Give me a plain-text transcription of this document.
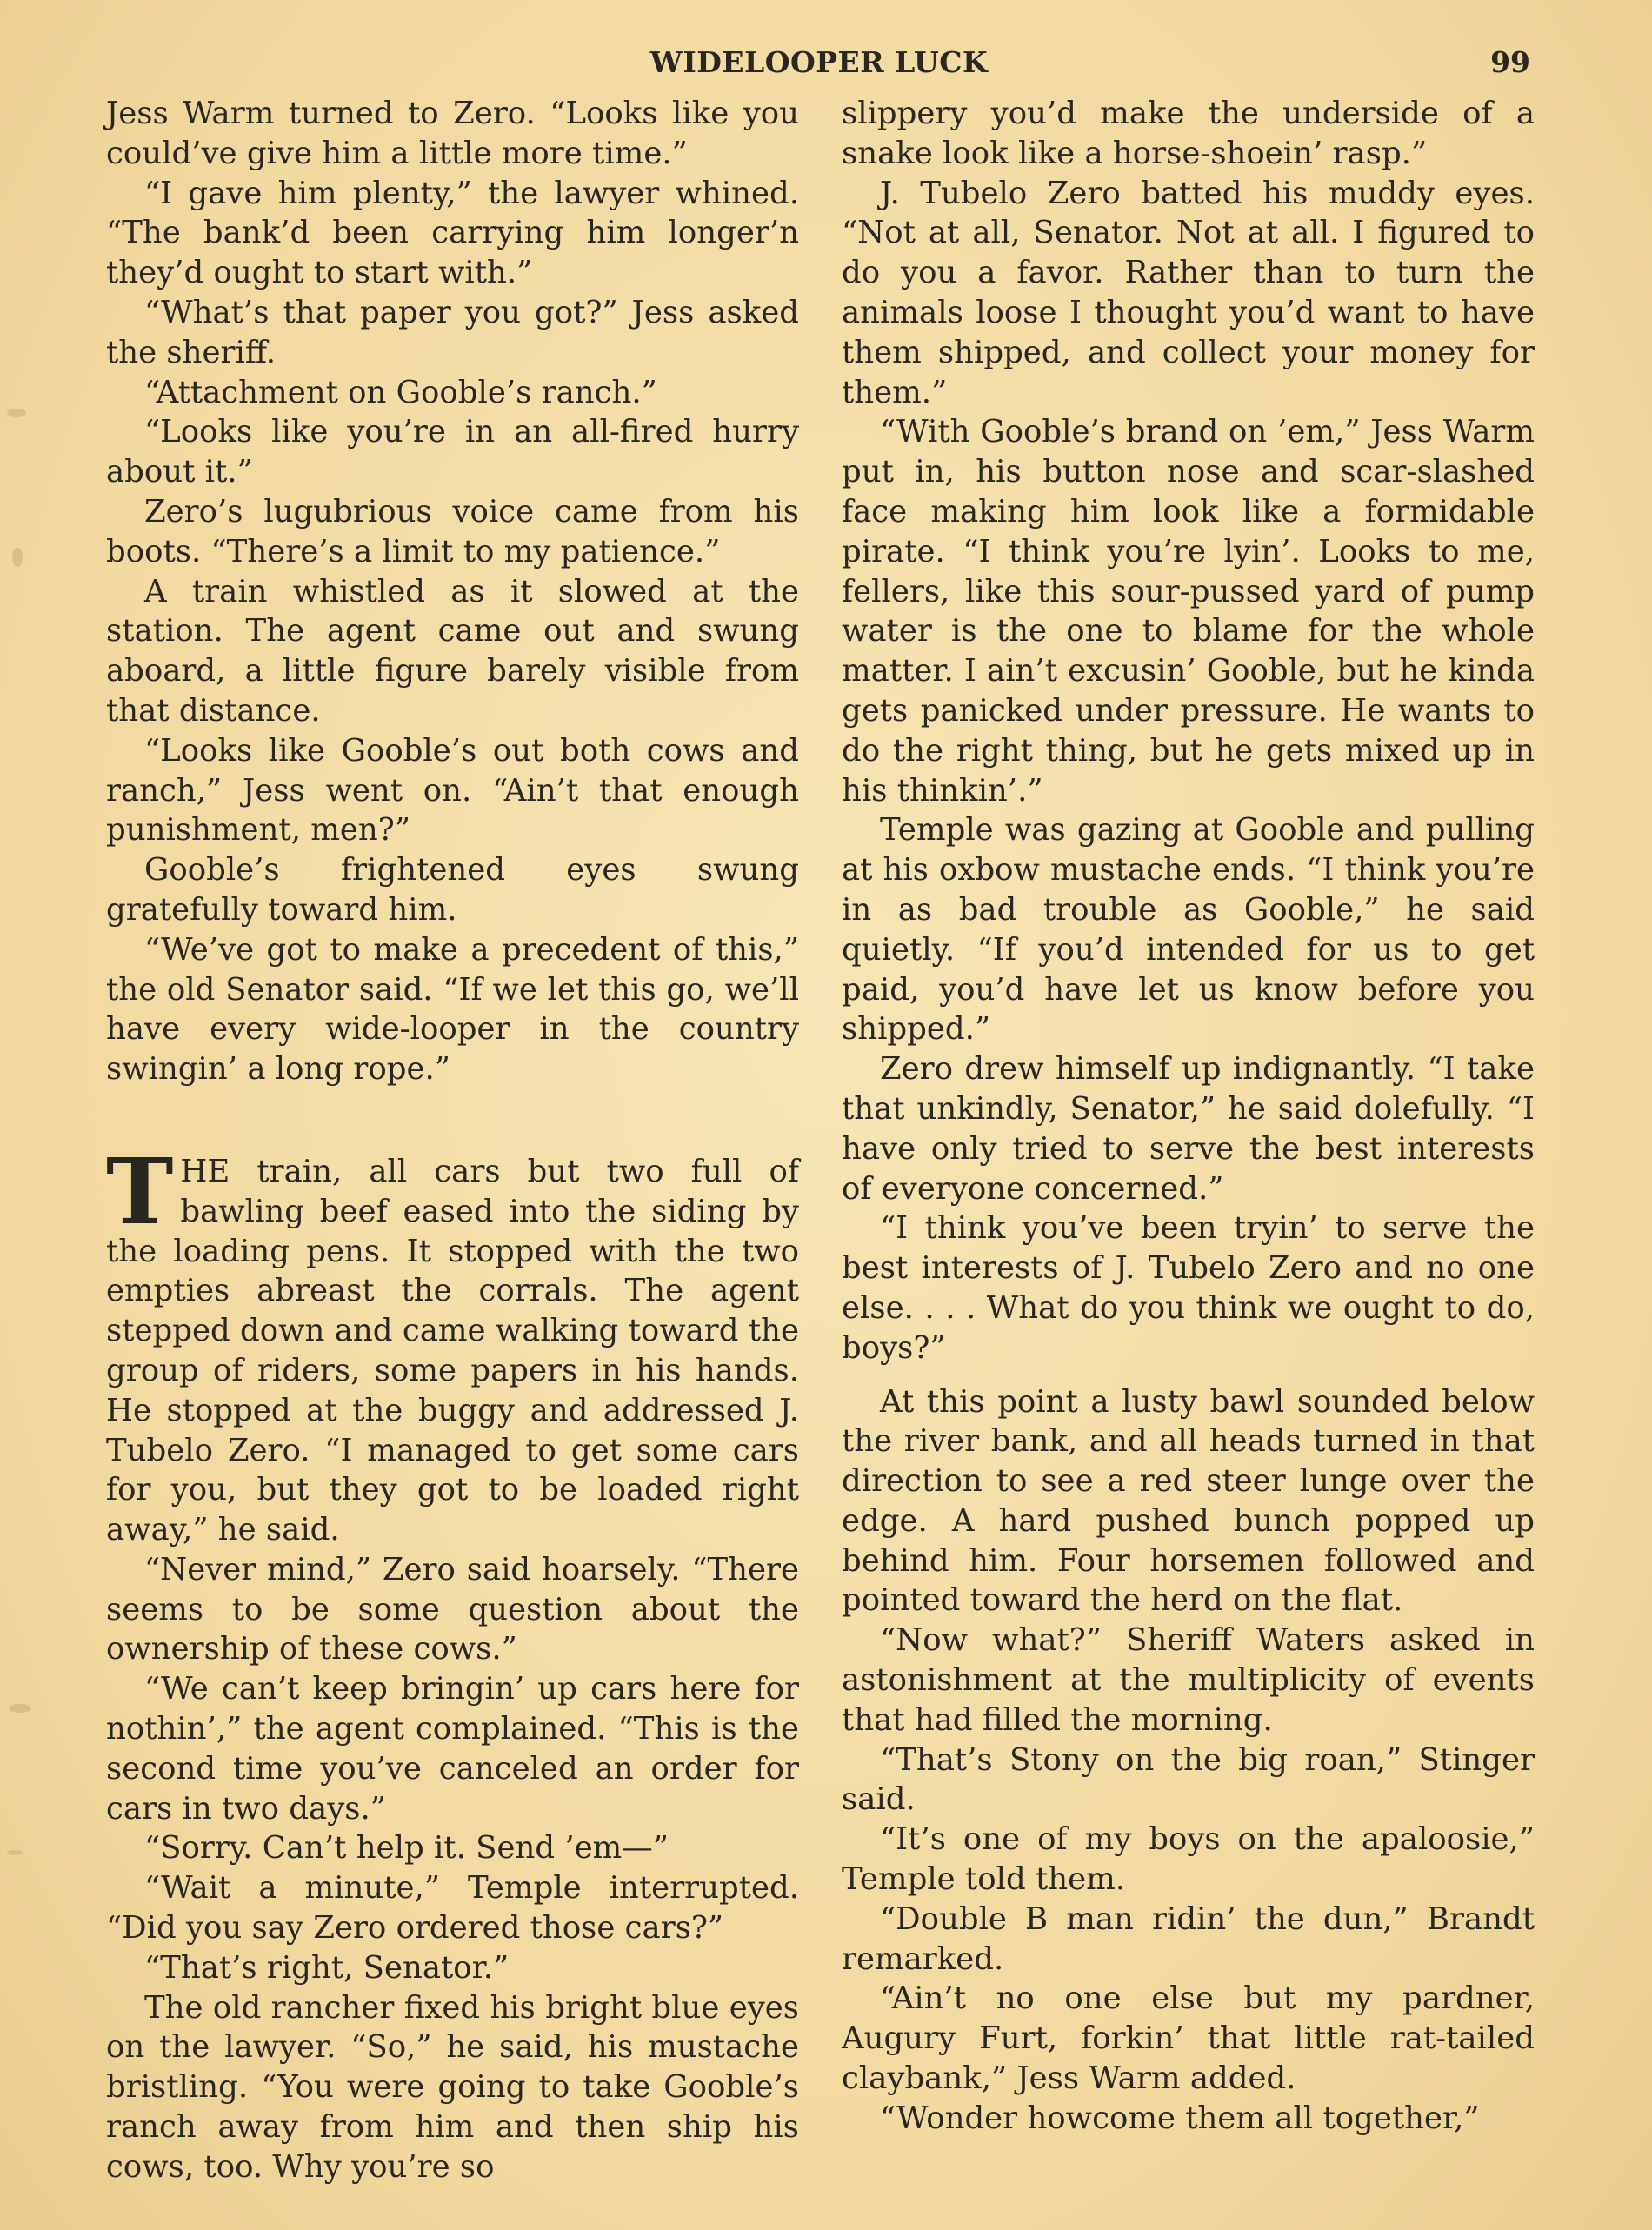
WIDELOOPER LUCK	99

Jess Warm turned to Zero. “Looks like you could’ve give him a little more time.”

“I gave him plenty,” the lawyer whined. “The bank’d been carrying him longer’n they’d ought to start with.”

“What’s that paper you got?” Jess asked the sheriff.

“Attachment on Gooble’s ranch.”

“Looks like you’re in an all-fired hurry about it.”

Zero’s lugubrious voice came from his boots. “There’s a limit to my patience.”

A train whistled as it slowed at the station. The agent came out and swung aboard, a little figure barely visible from that distance.

“Looks like Gooble’s out both cows and ranch,” Jess went on. “Ain’t that enough punishment, men?”

Gooble’s frightened eyes swung gratefully toward him.

“We’ve got to make a precedent of this,” the old Senator said. “If we let this go, we’ll have every wide-looper in the country swingin’ a long rope.”

THE train, all cars but two full of bawling beef eased into the siding by the loading pens. It stopped with the two empties abreast the corrals. The agent stepped down and came walking toward the group of riders, some papers in his hands. He stopped at the buggy and addressed J. Tubelo Zero. “I managed to get some cars for you, but they got to be loaded right away,” he said.

“Never mind,” Zero said hoarsely. “There seems to be some question about the ownership of these cows.”

“We can’t keep bringin’ up cars here for nothin’,” the agent complained. “This is the second time you’ve canceled an order for cars in two days.”

“Sorry. Can’t help it. Send ’em—”

“Wait a minute,” Temple interrupted. “Did you say Zero ordered those cars?”

“That’s right, Senator.”

The old rancher fixed his bright blue eyes on the lawyer. “So,” he said, his mustache bristling. “You were going to take Gooble’s ranch away from him and then ship his cows, too. Why you’re so

slippery you’d make the underside of a snake look like a horse-shoein’ rasp.”

J. Tubelo Zero batted his muddy eyes. “Not at all, Senator. Not at all. I figured to do you a favor. Rather than to turn the animals loose I thought you’d want to have them shipped, and collect your money for them.”

“With Gooble’s brand on ’em,” Jess Warm put in, his button nose and scar-slashed face making him look like a formidable pirate. “I think you’re lyin’. Looks to me, fellers, like this sour-pussed yard of pump water is the one to blame for the whole matter. I ain’t excusin’ Gooble, but he kinda gets panicked under pressure. He wants to do the right thing, but he gets mixed up in his thinkin’.”

Temple was gazing at Gooble and pulling at his oxbow mustache ends. “I think you’re in as bad trouble as Gooble,” he said quietly. “If you’d intended for us to get paid, you’d have let us know before you shipped.”

Zero drew himself up indignantly. “I take that unkindly, Senator,” he said dolefully. “I have only tried to serve the best interests of everyone concerned.”

“I think you’ve been tryin’ to serve the best interests of J. Tubelo Zero and no one else. . . . What do you think we ought to do, boys?”

At this point a lusty bawl sounded below the river bank, and all heads turned in that direction to see a red steer lunge over the edge. A hard pushed bunch popped up behind him. Four horsemen followed and pointed toward the herd on the flat.

“Now what?” Sheriff Waters asked in astonishment at the multiplicity of events that had filled the morning.

“That’s Stony on the big roan,” Stinger said.

“It’s one of my boys on the apaloosie,” Temple told them.

“Double B man ridin’ the dun,” Brandt remarked.

“Ain’t no one else but my pardner, Augury Furt, forkin’ that little rat-tailed claybank,” Jess Warm added.

“Wonder howcome them all together,”
